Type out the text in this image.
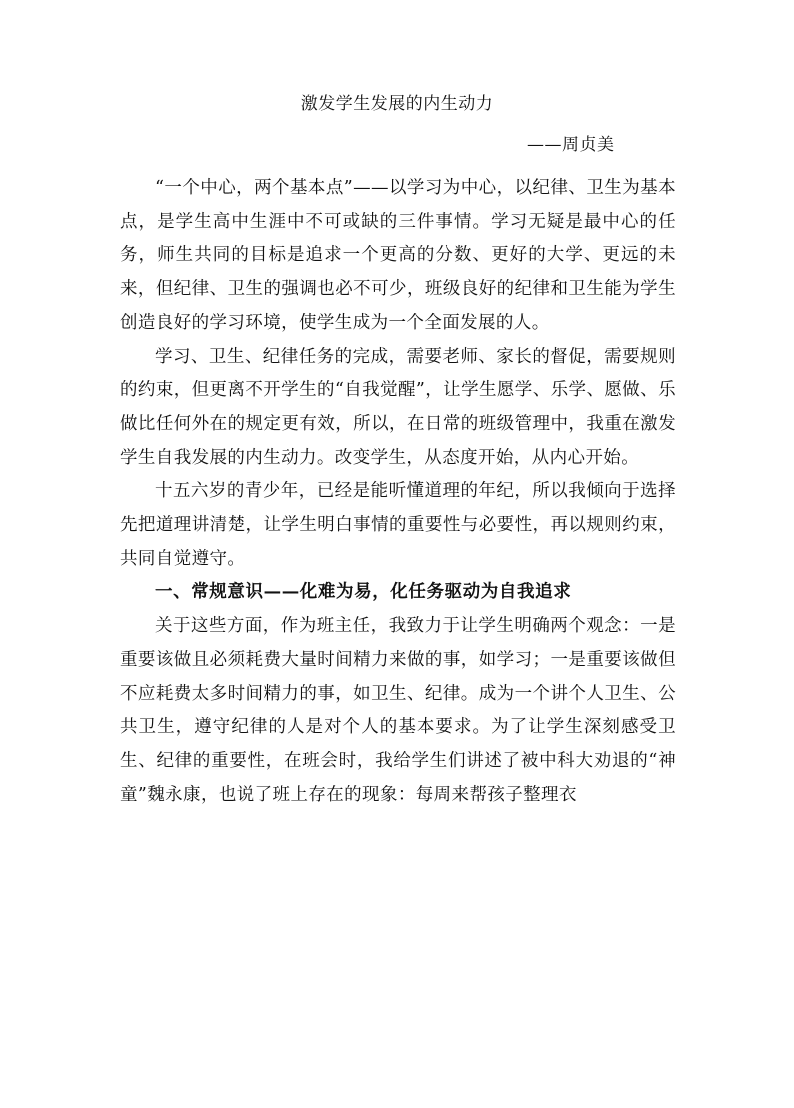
激发学生发展的内生动力
——周贞美

“一个中心，两个基本点”——以学习为中心，以纪律、卫生为基本点，是学生高中生涯中不可或缺的三件事情。学习无疑是最中心的任务，师生共同的目标是追求一个更高的分数、更好的大学、更远的未来，但纪律、卫生的强调也必不可少，班级良好的纪律和卫生能为学生创造良好的学习环境，使学生成为一个全面发展的人。

学习、卫生、纪律任务的完成，需要老师、家长的督促，需要规则的约束，但更离不开学生的“自我觉醒”，让学生愿学、乐学、愿做、乐做比任何外在的规定更有效，所以，在日常的班级管理中，我重在激发学生自我发展的内生动力。改变学生，从态度开始，从内心开始。

十五六岁的青少年，已经是能听懂道理的年纪，所以我倾向于选择先把道理讲清楚，让学生明白事情的重要性与必要性，再以规则约束，共同自觉遵守。

一、常规意识——化难为易，化任务驱动为自我追求

关于这些方面，作为班主任，我致力于让学生明确两个观念：一是重要该做且必须耗费大量时间精力来做的事，如学习；一是重要该做但不应耗费太多时间精力的事，如卫生、纪律。成为一个讲个人卫生、公共卫生，遵守纪律的人是对个人的基本要求。为了让学生深刻感受卫生、纪律的重要性，在班会时，我给学生们讲述了被中科大劝退的“神童”魏永康，也说了班上存在的现象：每周来帮孩子整理衣
